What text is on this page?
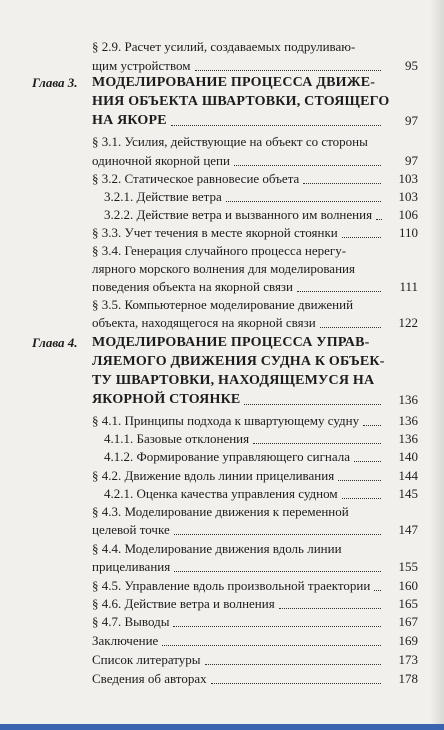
§ 2.9. Расчет усилий, создаваемых подруливаю-
щим устройством	95
Глава 3. МОДЕЛИРОВАНИЕ ПРОЦЕССА ДВИЖЕ-
НИЯ ОБЪЕКТА ШВАРТОВКИ, СТОЯЩЕГО
НА ЯКОРЕ	97
§ 3.1. Усилия, действующие на объект со стороны
одиночной якорной цепи	97
§ 3.2. Статическое равновесие объета	103
3.2.1. Действие ветра	103
3.2.2. Действие ветра и вызванного им волнения 106
§ 3.3. Учет течения в месте якорной стоянки	110
§ 3.4. Генерация случайного процесса нерегу-
лярного морского волнения для моделирования
поведения объекта на якорной связи	111
§ 3.5. Компьютерное моделирование движений
объекта, находящегося на якорной связи	122
Глава 4. МОДЕЛИРОВАНИЕ ПРОЦЕССА УПРАВ-
ЛЯЕМОГО ДВИЖЕНИЯ СУДНА К ОБЪЕК-
ТУ ШВАРТОВКИ, НАХОДЯЩЕМУСЯ НА
ЯКОРНОЙ СТОЯНКЕ	136
§ 4.1. Принципы подхода к швартующему судну	136
4.1.1. Базовые отклонения	136
4.1.2. Формирование управляющего сигнала	140
§ 4.2. Движение вдоль линии прицеливания	144
4.2.1. Оценка качества управления судном	145
§ 4.3. Моделирование движения к переменной
целевой точке	147
§ 4.4. Моделирование движения вдоль линии
прицеливания	155
§ 4.5. Управление вдоль произвольной траектории 160
§ 4.6. Действие ветра и волнения	165
§ 4.7. Выводы	167
Заключение	169
Список литературы	173
Сведения об авторах	178
